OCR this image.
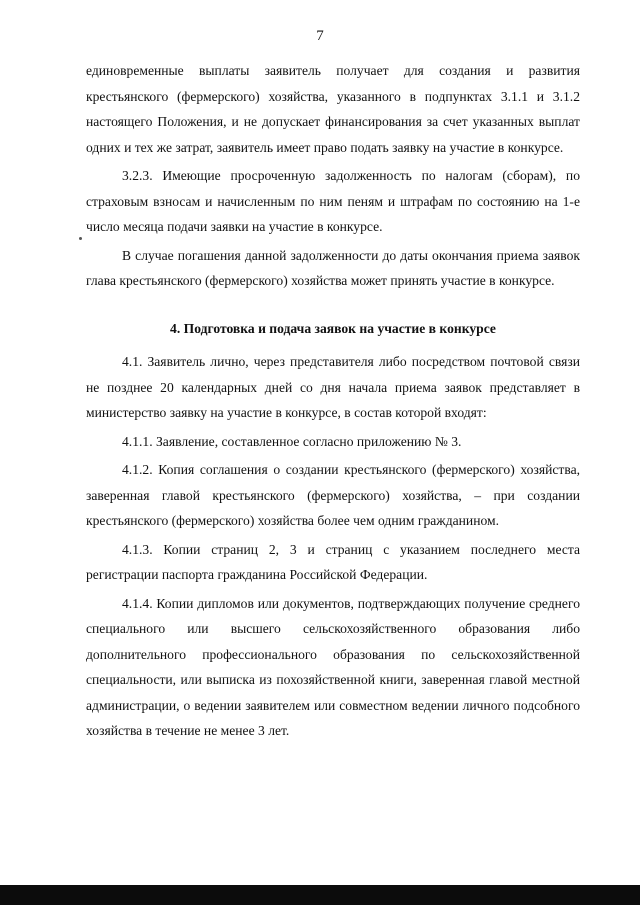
7

единовременные выплаты заявитель получает для создания и развития крестьянского (фермерского) хозяйства, указанного в подпунктах 3.1.1 и 3.1.2 настоящего Положения, и не допускает финансирования за счет указанных выплат одних и тех же затрат, заявитель имеет право подать заявку на участие в конкурсе.

3.2.3. Имеющие просроченную задолженность по налогам (сборам), по страховым взносам и начисленным по ним пеням и штрафам по состоянию на 1-е число месяца подачи заявки на участие в конкурсе.

В случае погашения данной задолженности до даты окончания приема заявок глава крестьянского (фермерского) хозяйства может принять участие в конкурсе.

4. Подготовка и подача заявок на участие в конкурсе

4.1. Заявитель лично, через представителя либо посредством почтовой связи не позднее 20 календарных дней со дня начала приема заявок представляет в министерство заявку на участие в конкурсе, в состав которой входят:

4.1.1. Заявление, составленное согласно приложению № 3.

4.1.2. Копия соглашения о создании крестьянского (фермерского) хозяйства, заверенная главой крестьянского (фермерского) хозяйства, – при создании крестьянского (фермерского) хозяйства более чем одним гражданином.

4.1.3. Копии страниц 2, 3 и страниц с указанием последнего места регистрации паспорта гражданина Российской Федерации.

4.1.4. Копии дипломов или документов, подтверждающих получение среднего специального или высшего сельскохозяйственного образования либо дополнительного профессионального образования по сельскохозяйственной специальности, или выписка из похозяйственной книги, заверенная главой местной администрации, о ведении заявителем или совместном ведении личного подсобного хозяйства в течение не менее 3 лет.
